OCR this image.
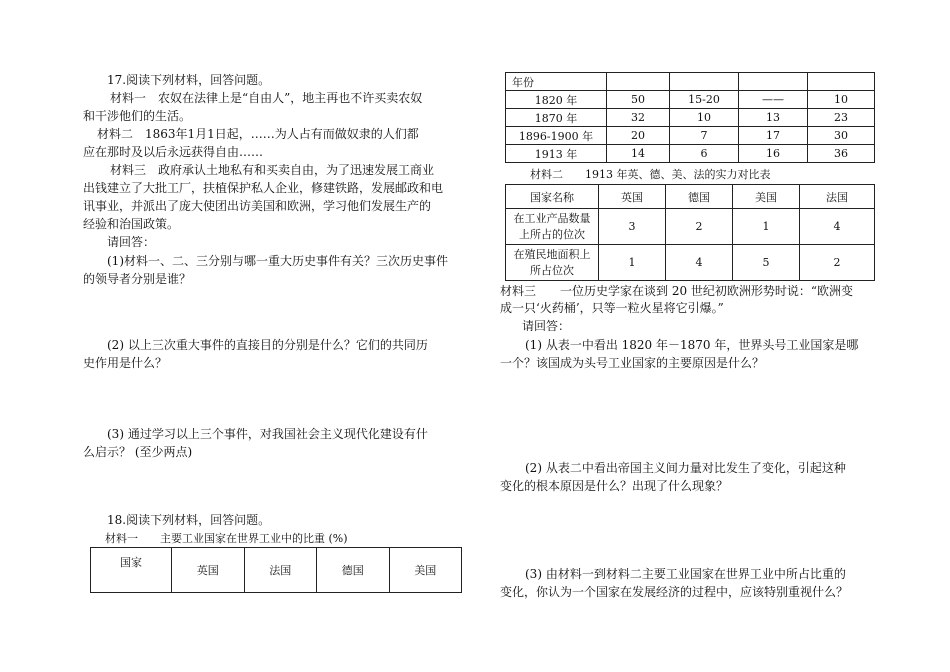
17.阅读下列材料，回答问题。
材料一　农奴在法律上是“自由人”，地主再也不许买卖农奴
和干涉他们的生活。
材料二　1863年1月1日起，……为人占有而做奴隶的人们都
应在那时及以后永远获得自由……
材料三　政府承认土地私有和买卖自由，为了迅速发展工商业
出钱建立了大批工厂，扶植保护私人企业，修建铁路，发展邮政和电
讯事业，并派出了庞大使团出访美国和欧洲，学习他们发展生产的
经验和治国政策。
请回答：
(1)材料一、二、三分别与哪一重大历史事件有关？三次历史事件
的领导者分别是谁？
(2) 以上三次重大事件的直接目的分别是什么？它们的共同历
史作用是什么？
(3) 通过学习以上三个事件，对我国社会主义现代化建设有什
么启示？ (至少两点)
18.阅读下列材料，回答问题。
材料一　　主要工业国家在世界工业中的比重 (%)
国家	英国	法国	德国	美国
年份				
1820 年	50	15-20	——	10
1870 年	32	10	13	23
1896-1900 年	20	7	17	30
1913 年	14	6	16	36
材料二　　1913 年英、德、美、法的实力对比表
国家名称	英国	德国	美国	法国

在工业产品数量
上所占的位次	3	2	1	4

在殖民地面积上
所占位次	1	4	5	2
材料三　　一位历史学家在谈到 20 世纪初欧洲形势时说：“欧洲变
成一只‘火药桶’，只等一粒火星将它引爆。”
请回答：
(1) 从表一中看出 1820 年－1870 年，世界头号工业国家是哪
一个？该国成为头号工业国家的主要原因是什么？
(2) 从表二中看出帝国主义间力量对比发生了变化，引起这种
变化的根本原因是什么？出现了什么现象？
(3) 由材料一到材料二主要工业国家在世界工业中所占比重的
变化，你认为一个国家在发展经济的过程中，应该特别重视什么？
